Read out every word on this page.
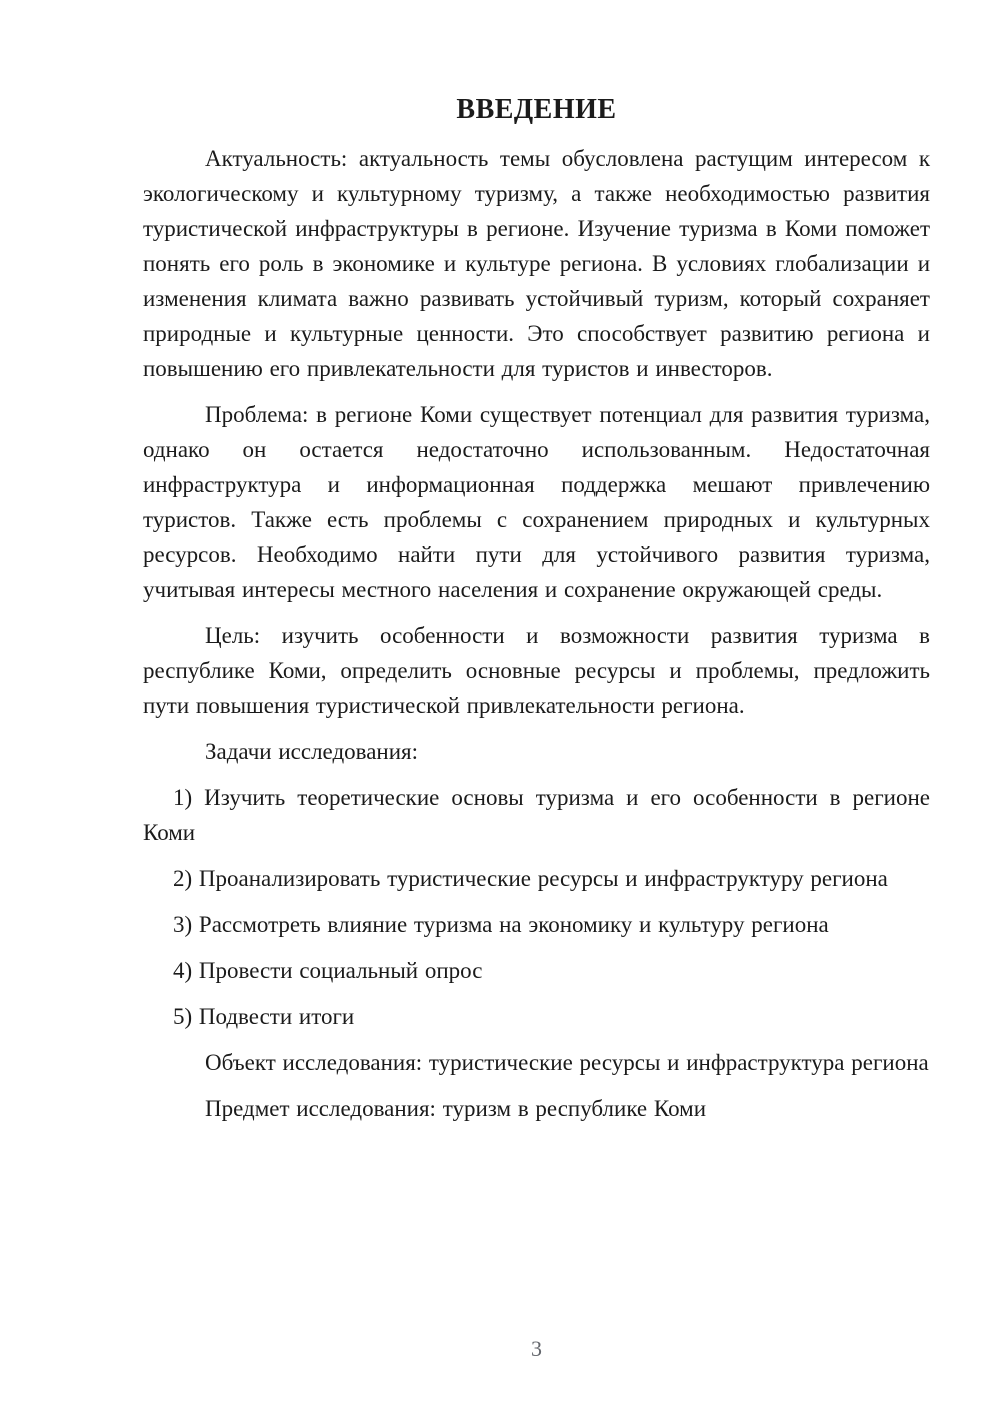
ВВЕДЕНИЕ

Актуальность: актуальность темы обусловлена растущим интересом к экологическому и культурному туризму, а также необходимостью развития туристической инфраструктуры в регионе. Изучение туризма в Коми поможет понять его роль в экономике и культуре региона. В условиях глобализации и изменения климата важно развивать устойчивый туризм, который сохраняет природные и культурные ценности. Это способствует развитию региона и повышению его привлекательности для туристов и инвесторов.

Проблема: в регионе Коми существует потенциал для развития туризма, однако он остается недостаточно использованным. Недостаточная инфраструктура и информационная поддержка мешают привлечению туристов. Также есть проблемы с сохранением природных и культурных ресурсов. Необходимо найти пути для устойчивого развития туризма, учитывая интересы местного населения и сохранение окружающей среды.

Цель: изучить особенности и возможности развития туризма в республике Коми, определить основные ресурсы и проблемы, предложить пути повышения туристической привлекательности региона.

Задачи исследования:

1) Изучить теоретические основы туризма и его особенности в регионе Коми

2) Проанализировать туристические ресурсы и инфраструктуру региона

3) Рассмотреть влияние туризма на экономику и культуру региона

4) Провести социальный опрос

5) Подвести итоги

Объект исследования: туристические ресурсы и инфраструктура региона

Предмет исследования: туризм в республике Коми

3
